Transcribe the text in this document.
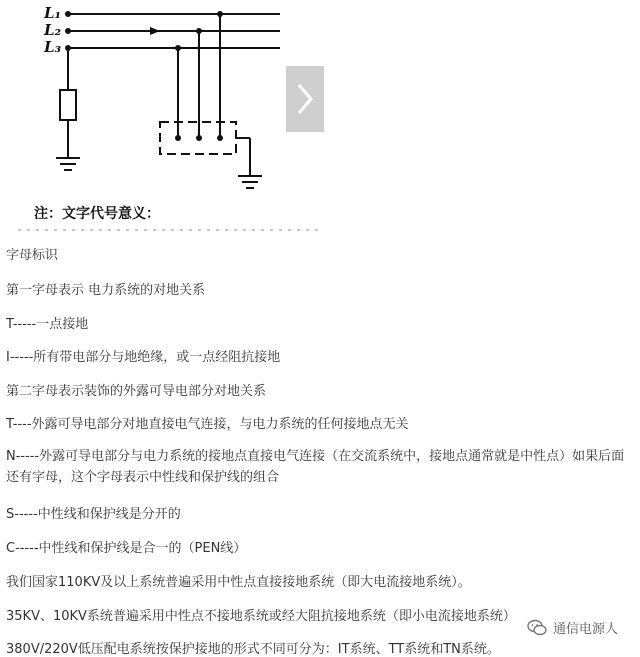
L₁
L₂
L₃
注：文字代号意义：
字母标识
第一字母表示 电力系统的对地关系
T-----一点接地
I-----所有带电部分与地绝缘，或一点经阻抗接地
第二字母表示装饰的外露可导电部分对地关系
T----外露可导电部分对地直接电气连接，与电力系统的任何接地点无关
N-----外露可导电部分与电力系统的接地点直接电气连接（在交流系统中，接地点通常就是中性点）如果后面还有字母，这个字母表示中性线和保护线的组合
S-----中性线和保护线是分开的
C-----中性线和保护线是合一的（PEN线）
我们国家110KV及以上系统普遍采用中性点直接接地系统（即大电流接地系统）。
35KV、10KV系统普遍采用中性点不接地系统或经大阻抗接地系统（即小电流接地系统）
380V/220V低压配电系统按保护接地的形式不同可分为：IT系统、TT系统和TN系统。
通信电源人
